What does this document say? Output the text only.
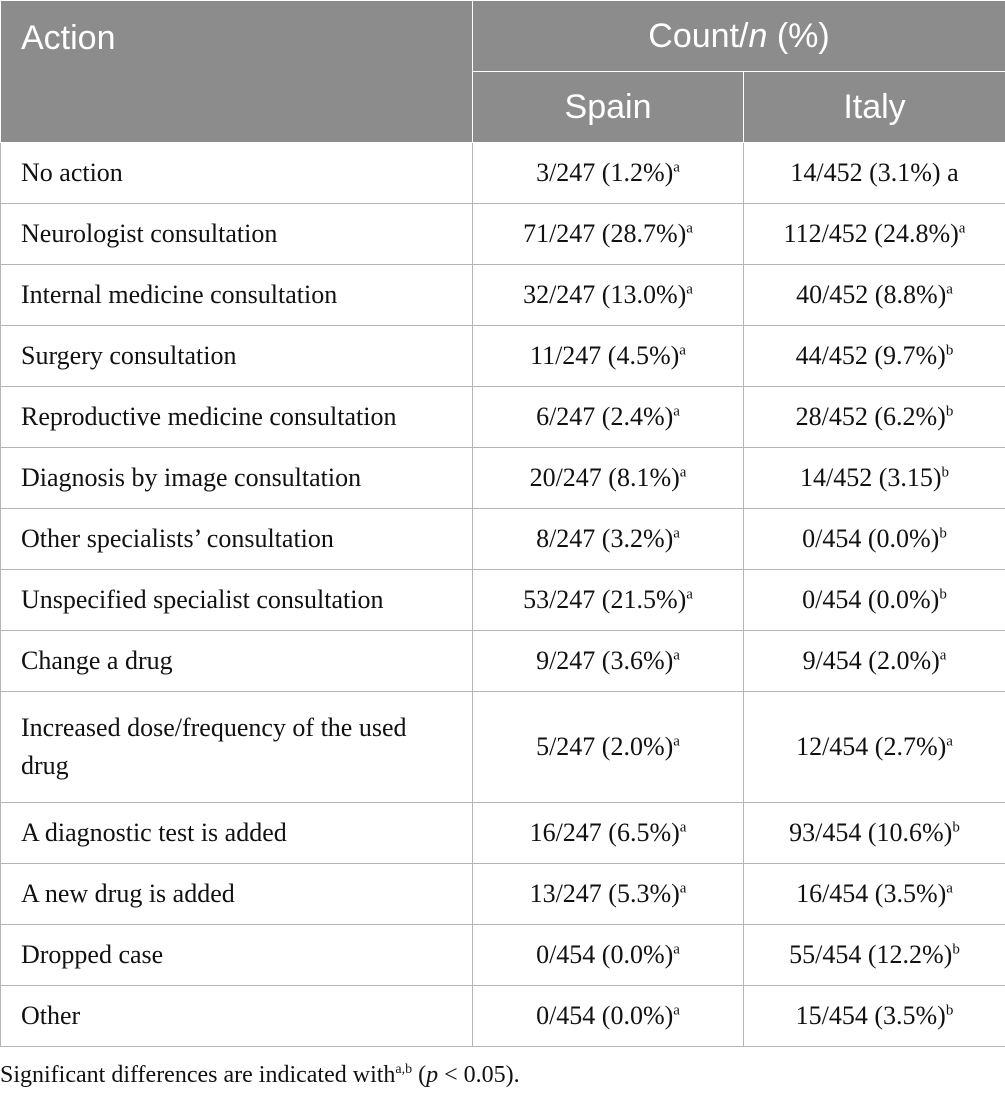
Action	Count/n (%)	
	Spain	Italy
No action	3/247 $(1.2\%)^a$	14/452 (3.1%) a
Neurologist consultation	71/247 $(28.7\%)^a$	112/452 $(24.8\%)^a$
Internal medicine consultation	32/247 $(13.0\%)^a$	40/452 $(8.8\%)^a$
Surgery consultation	11/247 $(4.5\%)^a$	44/452 $(9.7\%)^b$
Reproductive medicine consultation	6/247 $(2.4\%)^a$	28/452 $(6.2\%)^b$
Diagnosis by image consultation	20/247 $(8.1\%)^a$	14/452 $(3.15)^b$
Other specialists’ consultation	8/247 $(3.2\%)^a$	0/454 $(0.0\%)^b$
Unspecified specialist consultation	53/247 $(21.5\%)^a$	0/454 $(0.0\%)^b$
Change a drug	9/247 $(3.6\%)^a$	9/454 $(2.0\%)^a$
Increased dose/frequency of the used drug	5/247 $(2.0\%)^a$	12/454 $(2.7\%)^a$
A diagnostic test is added	16/247 $(6.5\%)^a$	93/454 $(10.6\%)^b$
A new drug is added	13/247 $(5.3\%)^a$	16/454 $(3.5\%)^a$
Dropped case	0/454 $(0.0\%)^a$	55/454 $(12.2\%)^b$
Other	0/454 $(0.0\%)^a$	15/454 $(3.5\%)^b$
Significant differences are indicated with$^{a,b}$ (p < 0.05).
